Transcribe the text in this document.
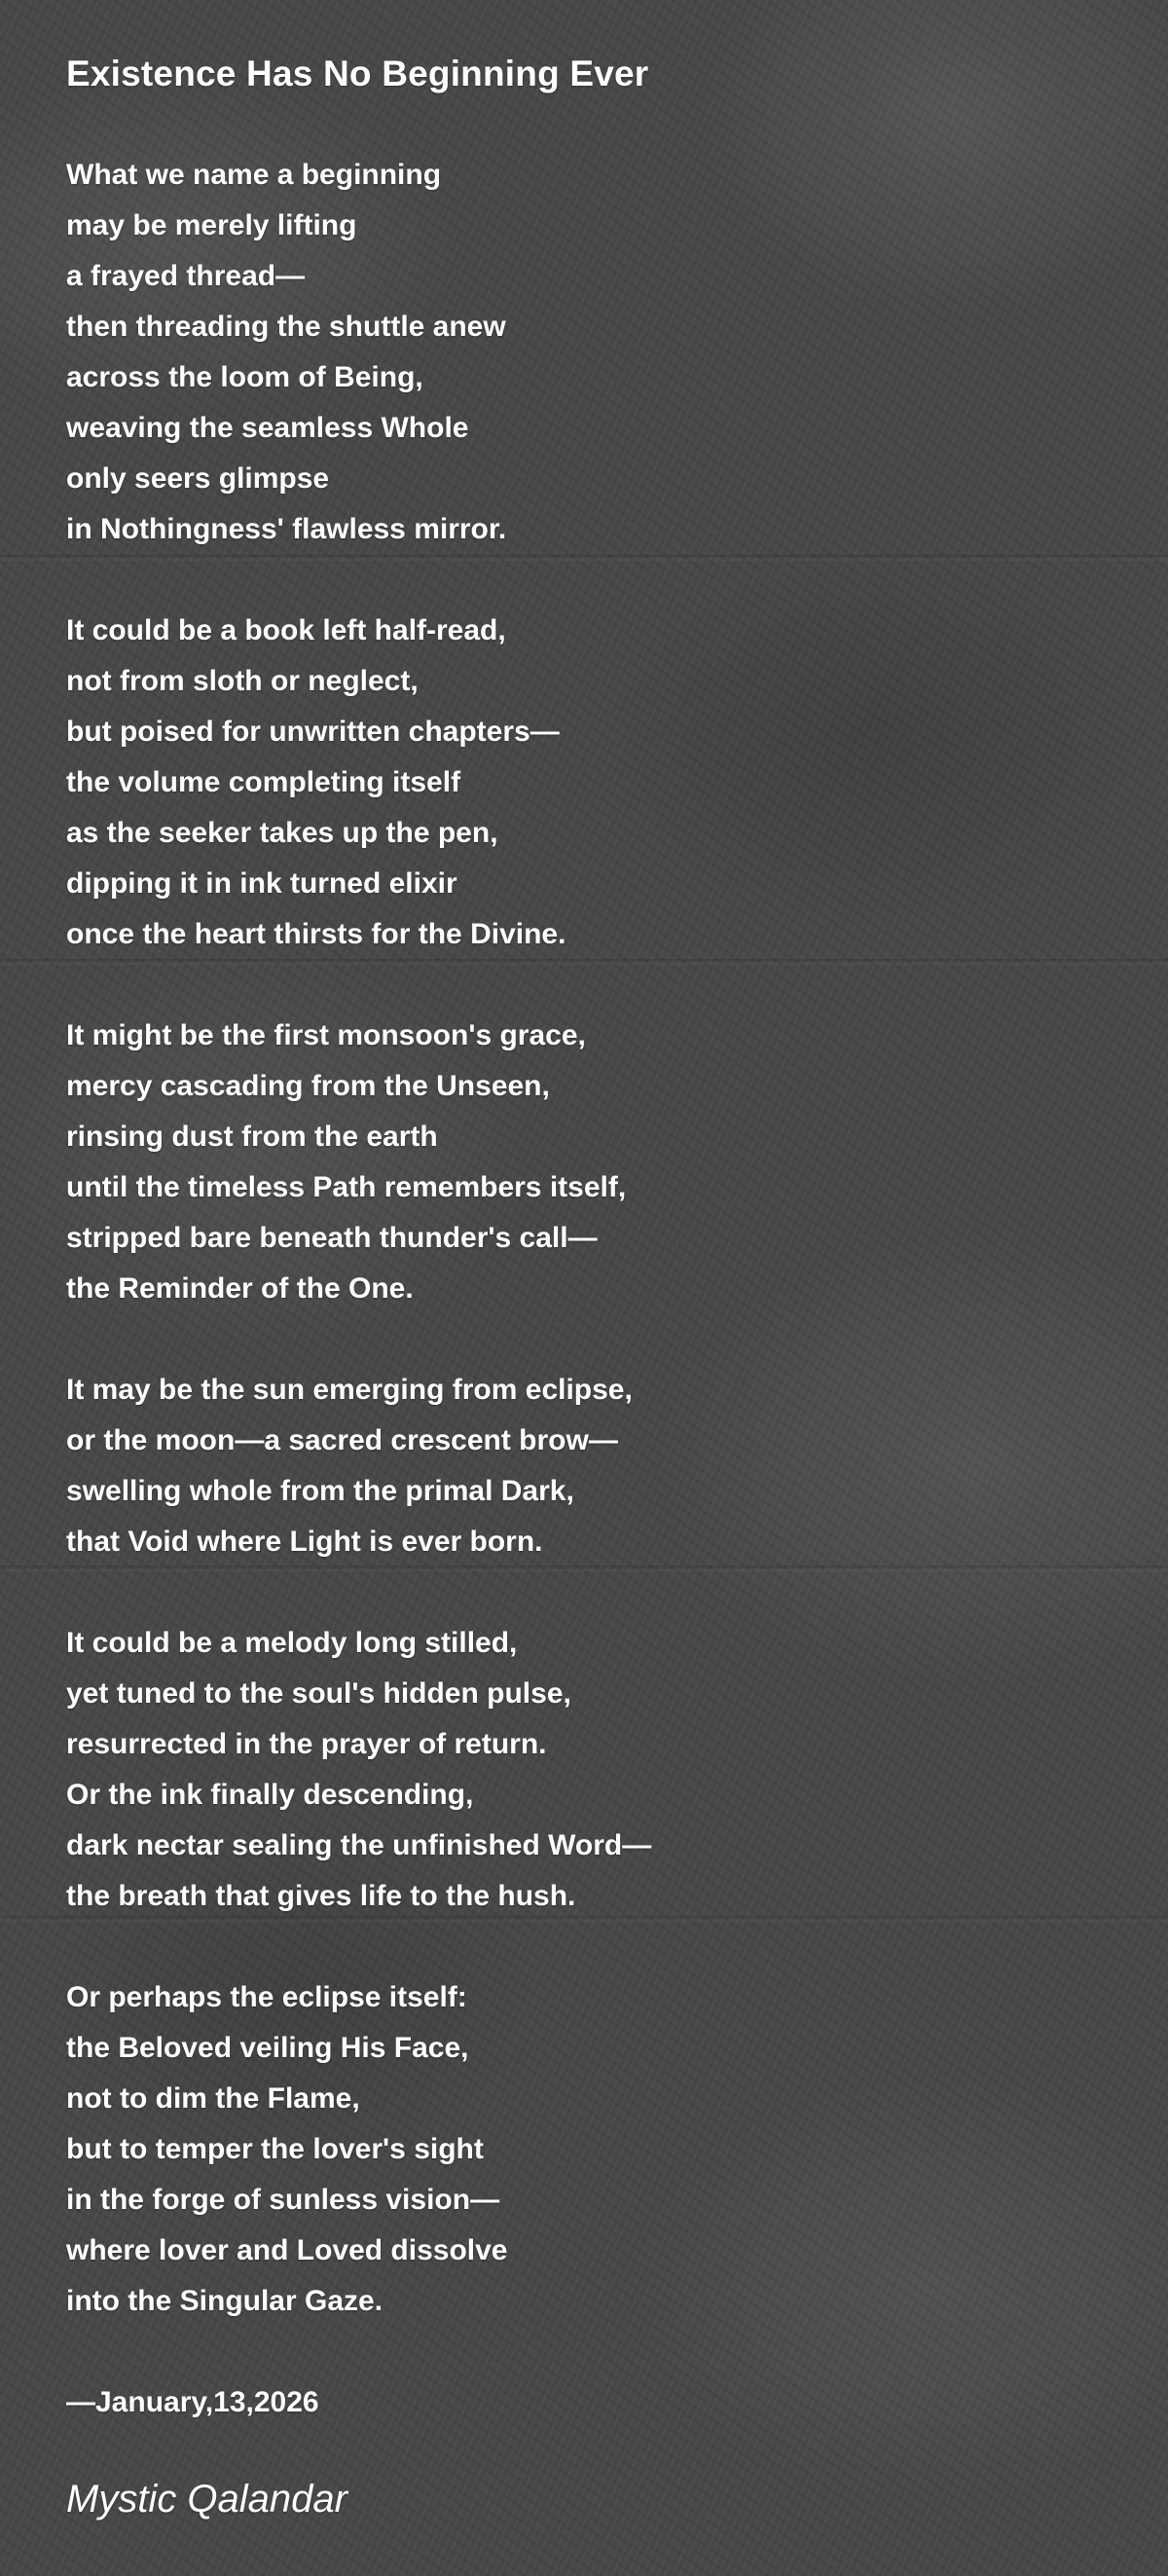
Existence Has No Beginning Ever
What we name a beginning
may be merely lifting
a frayed thread—
then threading the shuttle anew
across the loom of Being,
weaving the seamless Whole
only seers glimpse
in Nothingness' flawless mirror.
It could be a book left half-read,
not from sloth or neglect,
but poised for unwritten chapters—
the volume completing itself
as the seeker takes up the pen,
dipping it in ink turned elixir
once the heart thirsts for the Divine.
It might be the first monsoon's grace,
mercy cascading from the Unseen,
rinsing dust from the earth
until the timeless Path remembers itself,
stripped bare beneath thunder's call—
the Reminder of the One.
It may be the sun emerging from eclipse,
or the moon—a sacred crescent brow—
swelling whole from the primal Dark,
that Void where Light is ever born.
It could be a melody long stilled,
yet tuned to the soul's hidden pulse,
resurrected in the prayer of return.
Or the ink finally descending,
dark nectar sealing the unfinished Word—
the breath that gives life to the hush.
Or perhaps the eclipse itself:
the Beloved veiling His Face,
not to dim the Flame,
but to temper the lover's sight
in the forge of sunless vision—
where lover and Loved dissolve
into the Singular Gaze.
—January,13,2026
Mystic Qalandar
